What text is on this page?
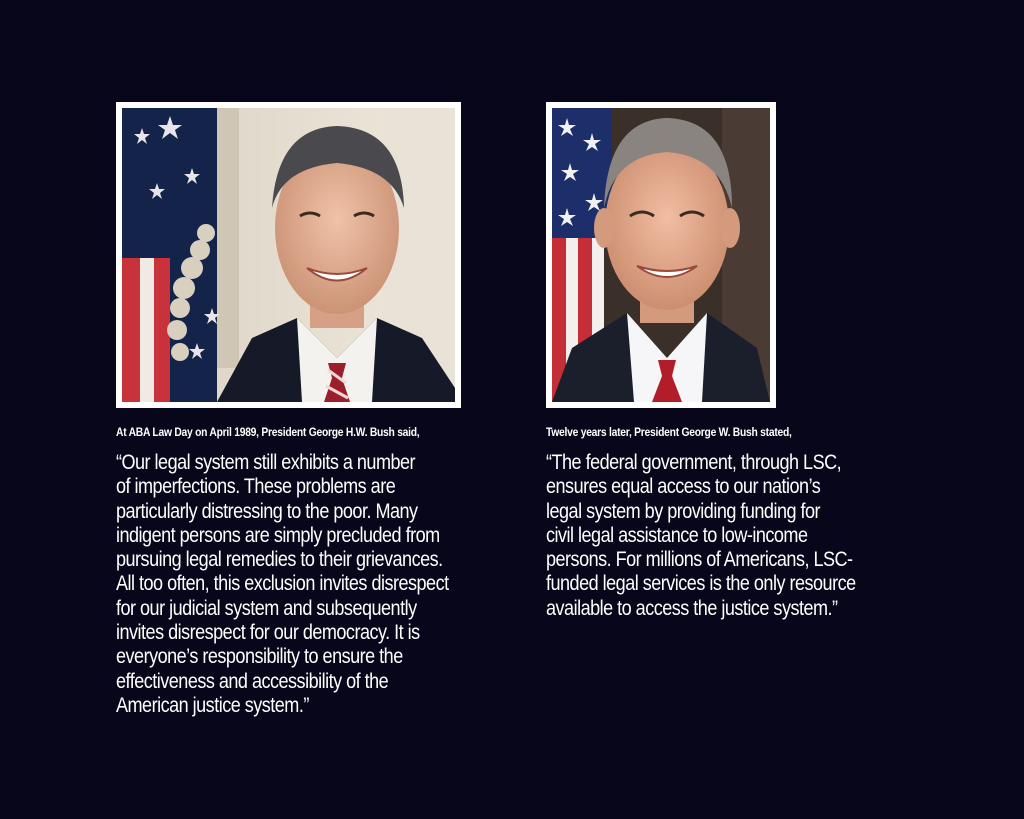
At ABA Law Day on April 1989, President George H.W. Bush said,
“Our legal system still exhibits a number
of imperfections. These problems are
particularly distressing to the poor. Many
indigent persons are simply precluded from
pursuing legal remedies to their grievances.
All too often, this exclusion invites disrespect
for our judicial system and subsequently
invites disrespect for our democracy. It is
everyone’s responsibility to ensure the
effectiveness and accessibility of the
American justice system.”
Twelve years later, President George W. Bush stated,
“The federal government, through LSC,
ensures equal access to our nation’s
legal system by providing funding for
civil legal assistance to low-income
persons. For millions of Americans, LSC-
funded legal services is the only resource
available to access the justice system.”
